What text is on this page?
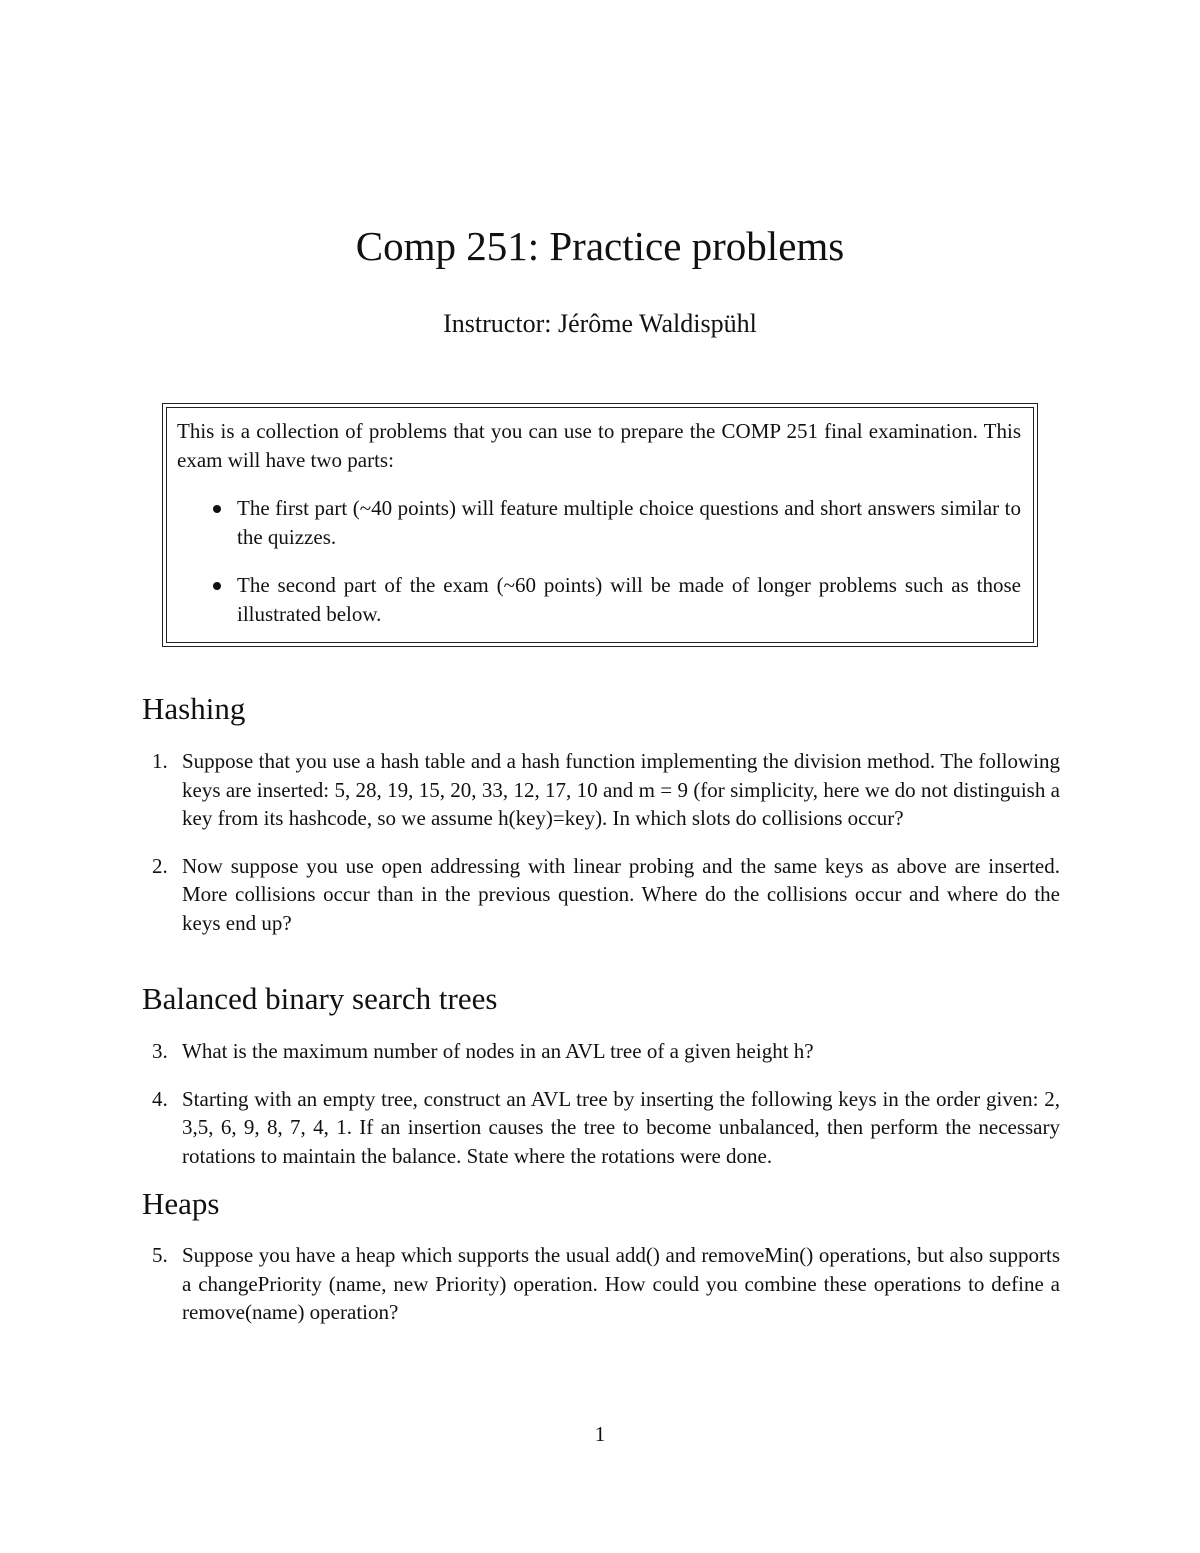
Comp 251: Practice problems
Instructor: Jérôme Waldispühl

This is a collection of problems that you can use to prepare the COMP 251 final examination. This exam will have two parts:

The first part (~40 points) will feature multiple choice questions and short answers similar to the quizzes.
The second part of the exam (~60 points) will be made of longer problems such as those illustrated below.
Hashing
1. Suppose that you use a hash table and a hash function implementing the division method. The following keys are inserted: 5, 28, 19, 15, 20, 33, 12, 17, 10 and m = 9 (for simplicity, here we do not distinguish a key from its hashcode, so we assume h(key)=key). In which slots do collisions occur?
2. Now suppose you use open addressing with linear probing and the same keys as above are inserted. More collisions occur than in the previous question. Where do the collisions occur and where do the keys end up?
Balanced binary search trees
3. What is the maximum number of nodes in an AVL tree of a given height h?
4. Starting with an empty tree, construct an AVL tree by inserting the following keys in the order given: 2, 3,5, 6, 9, 8, 7, 4, 1. If an insertion causes the tree to become unbalanced, then perform the necessary rotations to maintain the balance. State where the rotations were done.
Heaps
5. Suppose you have a heap which supports the usual add() and removeMin() operations, but also supports a changePriority (name, new Priority) operation. How could you combine these operations to define a remove(name) operation?
1
